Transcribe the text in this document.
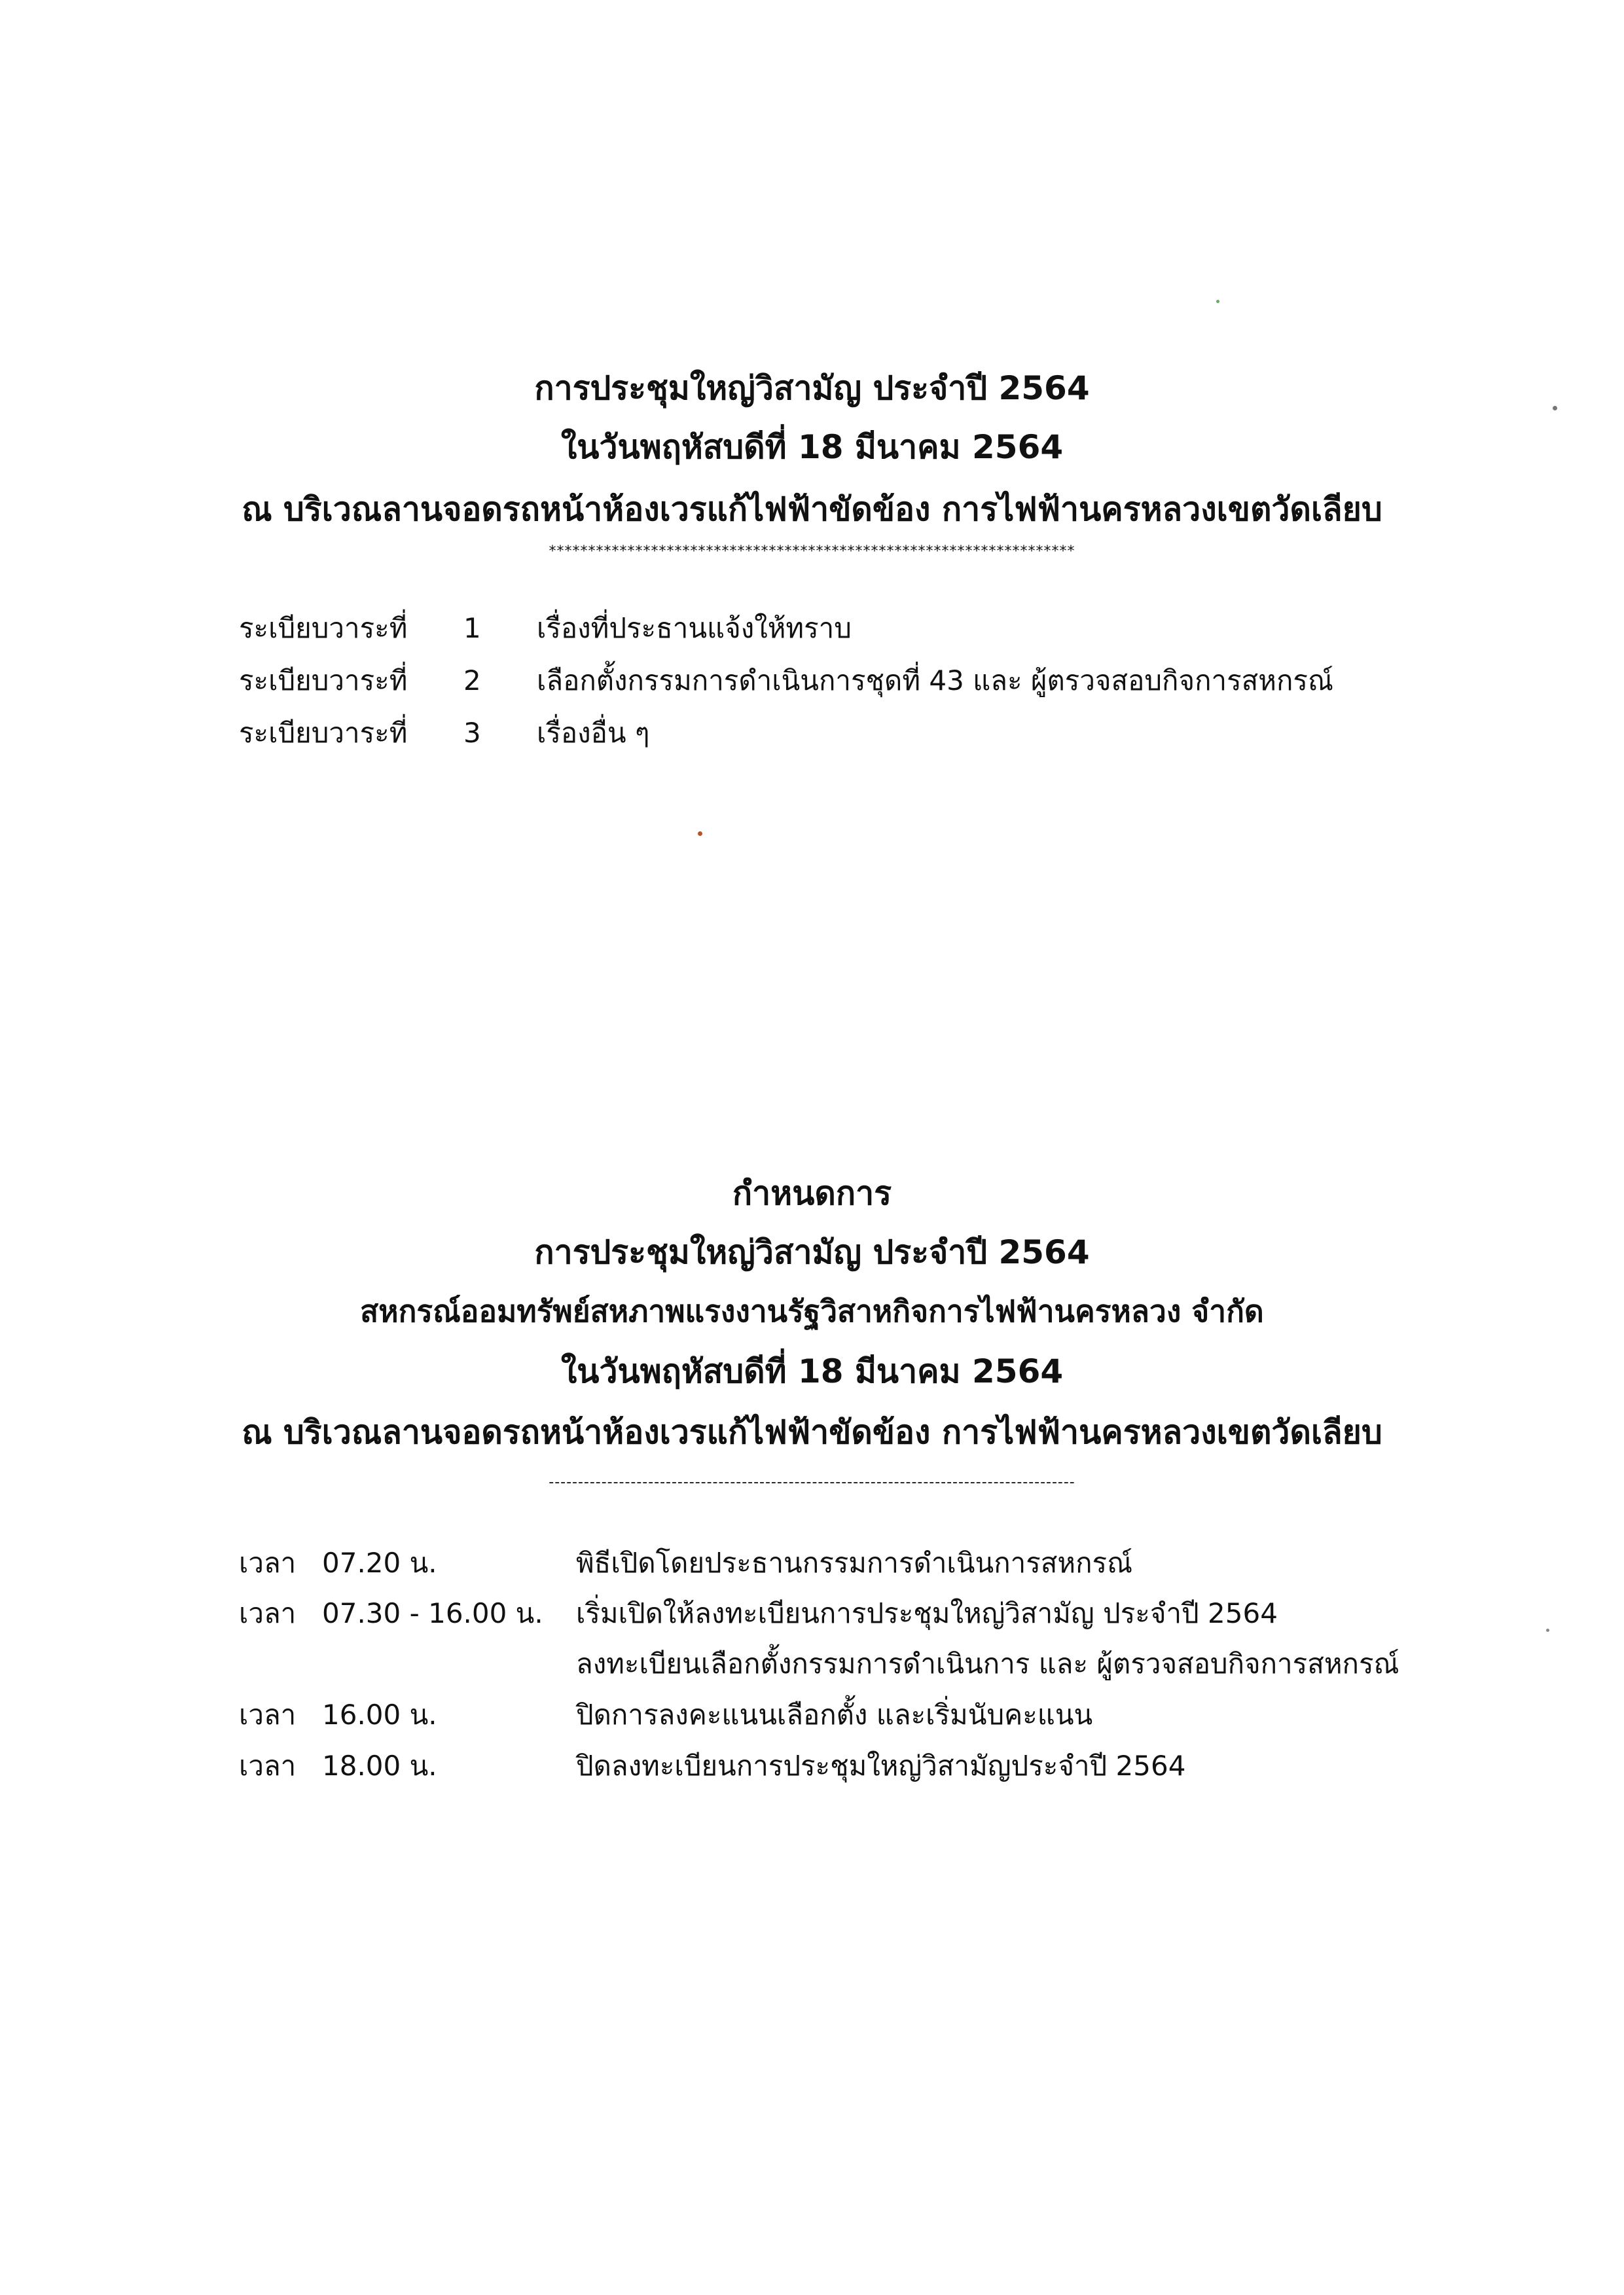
การประชุมใหญ่วิสามัญ ประจำปี 2564
ในวันพฤหัสบดีที่ 18 มีนาคม 2564
ณ บริเวณลานจอดรถหน้าห้องเวรแก้ไฟฟ้าขัดข้อง การไฟฟ้านครหลวงเขตวัดเลียบ
*******************************************************************
ระเบียบวาระที่ 1 เรื่องที่ประธานแจ้งให้ทราบ
ระเบียบวาระที่ 2 เลือกตั้งกรรมการดำเนินการชุดที่ 43 และ ผู้ตรวจสอบกิจการสหกรณ์
ระเบียบวาระที่ 3 เรื่องอื่น ๆ
กำหนดการ
การประชุมใหญ่วิสามัญ ประจำปี 2564
สหกรณ์ออมทรัพย์สหภาพแรงงานรัฐวิสาหกิจการไฟฟ้านครหลวง จำกัด
ในวันพฤหัสบดีที่ 18 มีนาคม 2564
ณ บริเวณลานจอดรถหน้าห้องเวรแก้ไฟฟ้าขัดข้อง การไฟฟ้านครหลวงเขตวัดเลียบ
------------------------------------------------------------------------------------------
เวลา 07.20 น.	พิธีเปิดโดยประธานกรรมการดำเนินการสหกรณ์
เวลา 07.30 - 16.00 น. เริ่มเปิดให้ลงทะเบียนการประชุมใหญ่วิสามัญ ประจำปี 2564
ลงทะเบียนเลือกตั้งกรรมการดำเนินการ และ ผู้ตรวจสอบกิจการสหกรณ์
เวลา 16.00 น.	ปิดการลงคะแนนเลือกตั้ง และเริ่มนับคะแนน
เวลา 18.00 น.	ปิดลงทะเบียนการประชุมใหญ่วิสามัญประจำปี 2564
